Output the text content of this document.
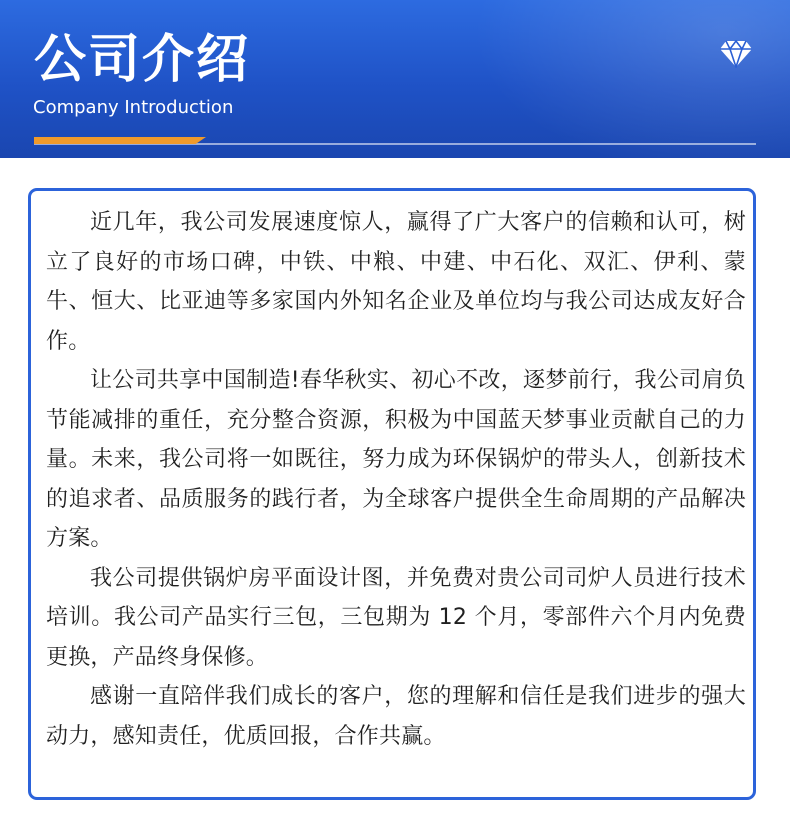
公司介绍
Company Introduction

近几年，我公司发展速度惊人，赢得了广大客户的信赖和认可，树立了良好的市场口碑，中铁、中粮、中建、中石化、双汇、伊利、蒙牛、恒大、比亚迪等多家国内外知名企业及单位均与我公司达成友好合作。

让公司共享中国制造!春华秋实、初心不改，逐梦前行，我公司肩负节能减排的重任，充分整合资源，积极为中国蓝天梦事业贡献自己的力量。未来，我公司将一如既往，努力成为环保锅炉的带头人，创新技术的追求者、品质服务的践行者，为全球客户提供全生命周期的产品解决方案。

我公司提供锅炉房平面设计图，并免费对贵公司司炉人员进行技术培训。我公司产品实行三包，三包期为 12 个月，零部件六个月内免费更换，产品终身保修。

感谢一直陪伴我们成长的客户，您的理解和信任是我们进步的强大动力，感知责任，优质回报，合作共赢。
